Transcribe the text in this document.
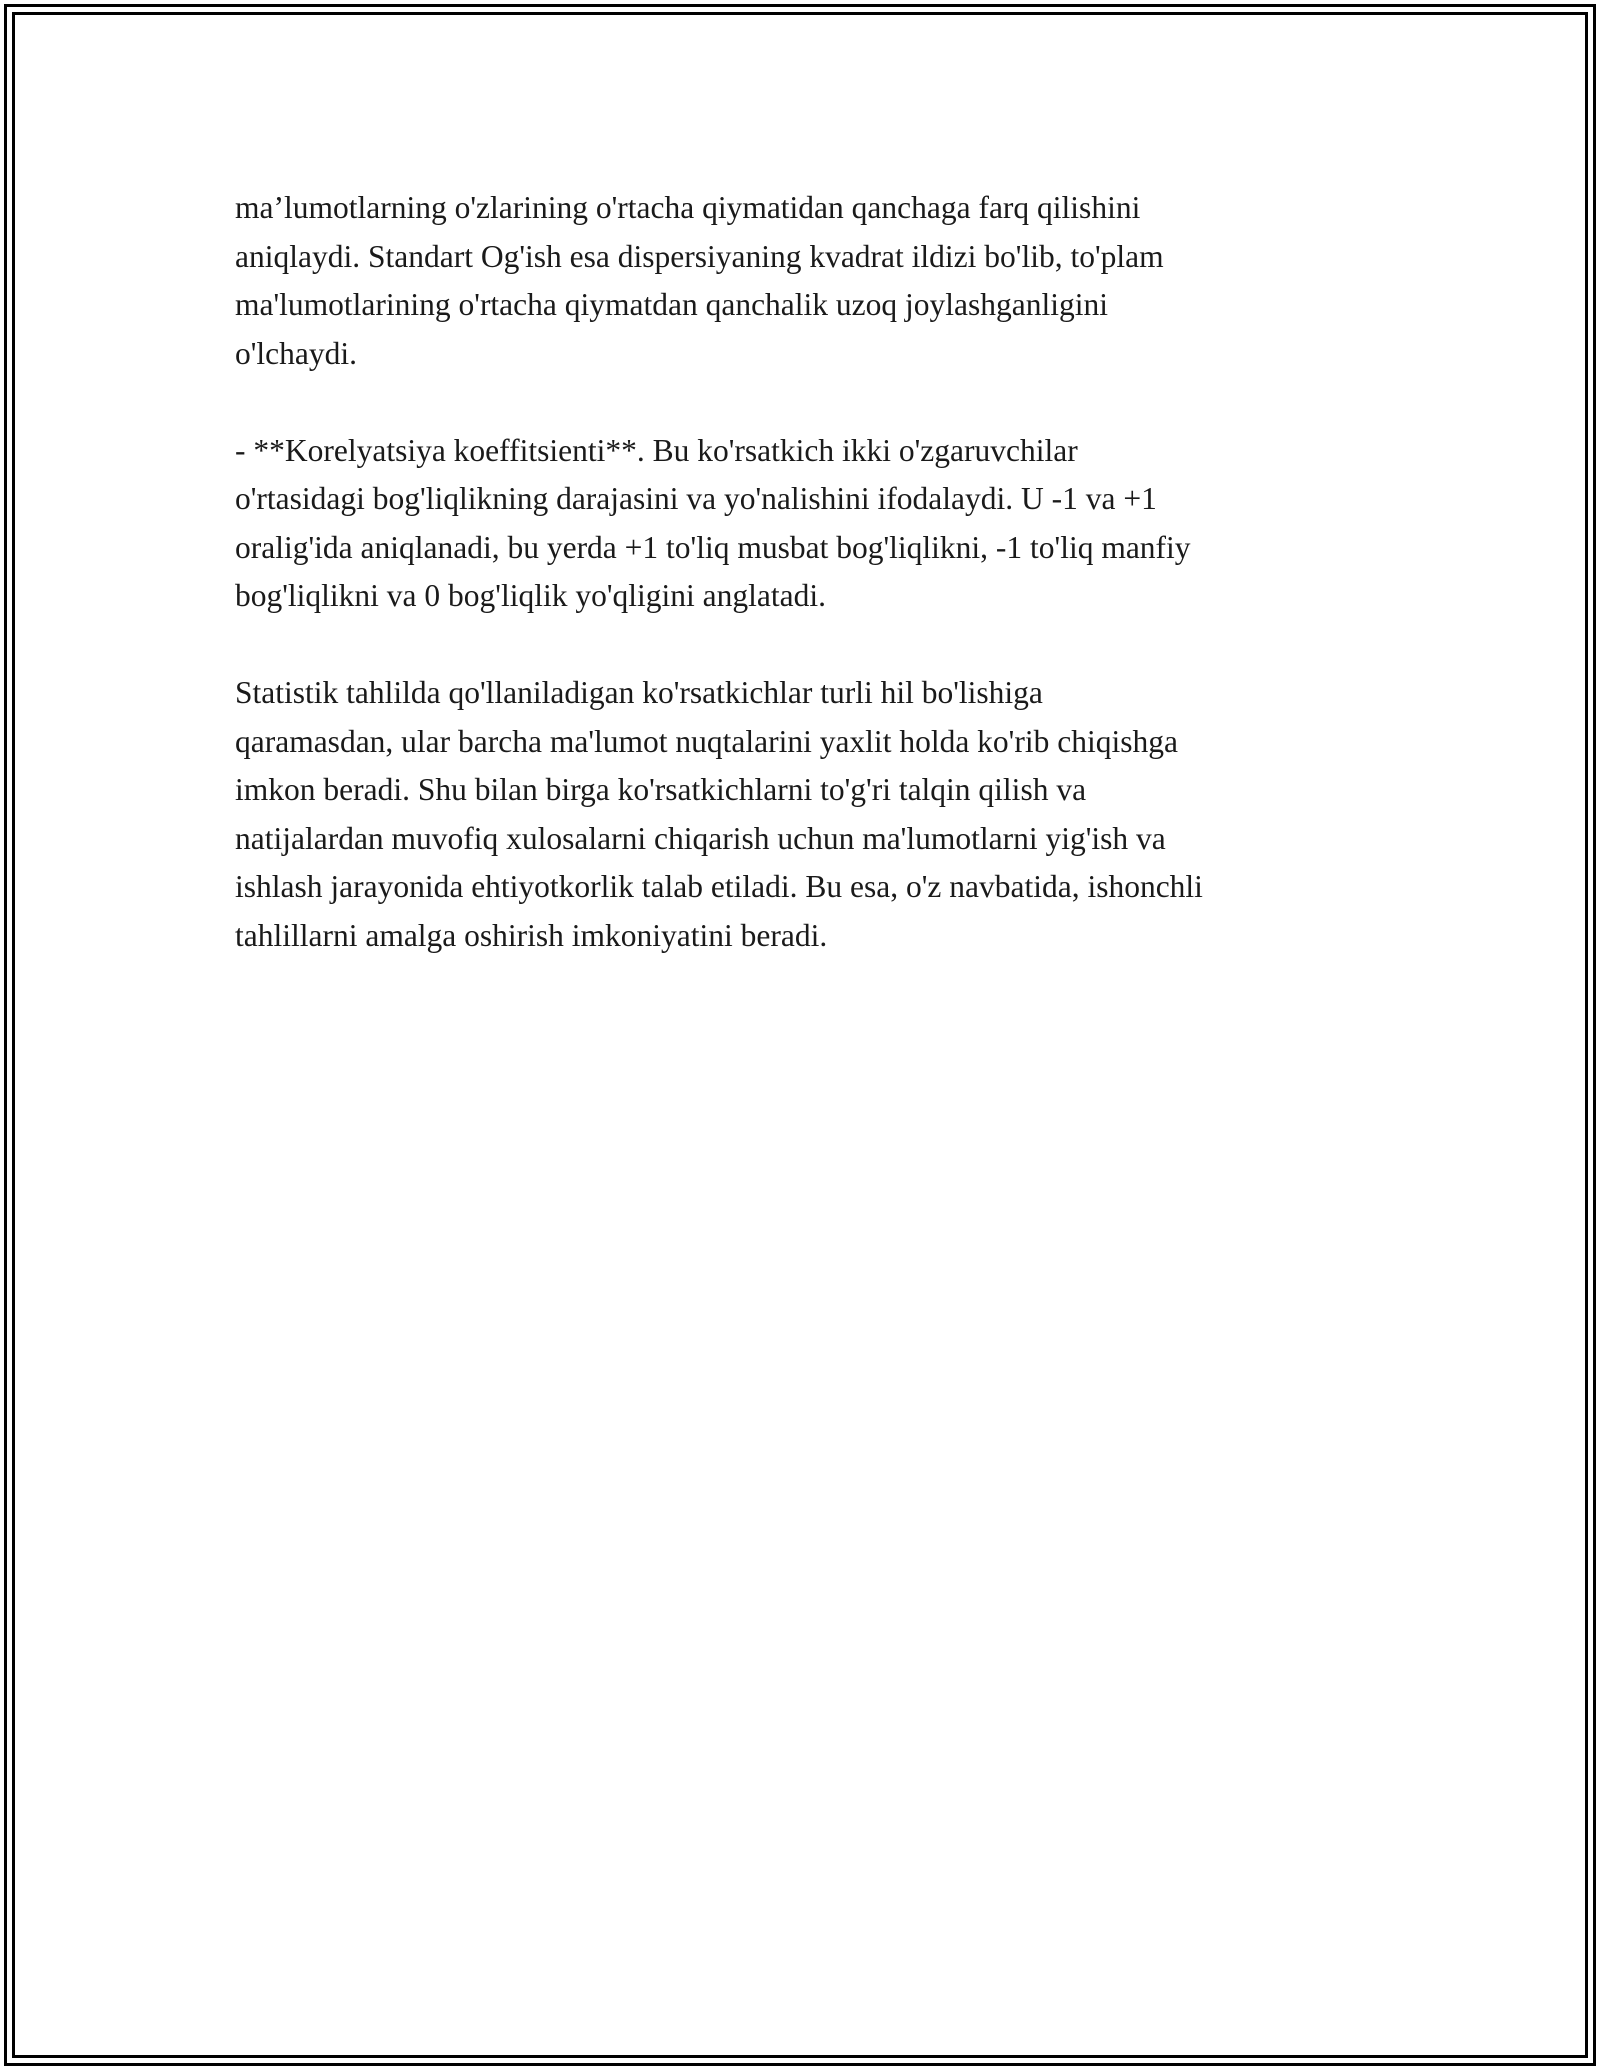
ma’lumotlarning o'zlarining o'rtacha qiymatidan qanchaga farq qilishini
aniqlaydi. Standart Og'ish esa dispersiyaning kvadrat ildizi bo'lib, to'plam
ma'lumotlarining o'rtacha qiymatdan qanchalik uzoq joylashganligini
o'lchaydi.

- **Korelyatsiya koeffitsienti**. Bu ko'rsatkich ikki o'zgaruvchilar
o'rtasidagi bog'liqlikning darajasini va yo'nalishini ifodalaydi. U -1 va +1
oralig'ida aniqlanadi, bu yerda +1 to'liq musbat bog'liqlikni, -1 to'liq manfiy
bog'liqlikni va 0 bog'liqlik yo'qligini anglatadi.

Statistik tahlilda qo'llaniladigan ko'rsatkichlar turli hil bo'lishiga
qaramasdan, ular barcha ma'lumot nuqtalarini yaxlit holda ko'rib chiqishga
imkon beradi. Shu bilan birga ko'rsatkichlarni to'g'ri talqin qilish va
natijalardan muvofiq xulosalarni chiqarish uchun ma'lumotlarni yig'ish va
ishlash jarayonida ehtiyotkorlik talab etiladi. Bu esa, o'z navbatida, ishonchli
tahlillarni amalga oshirish imkoniyatini beradi.
